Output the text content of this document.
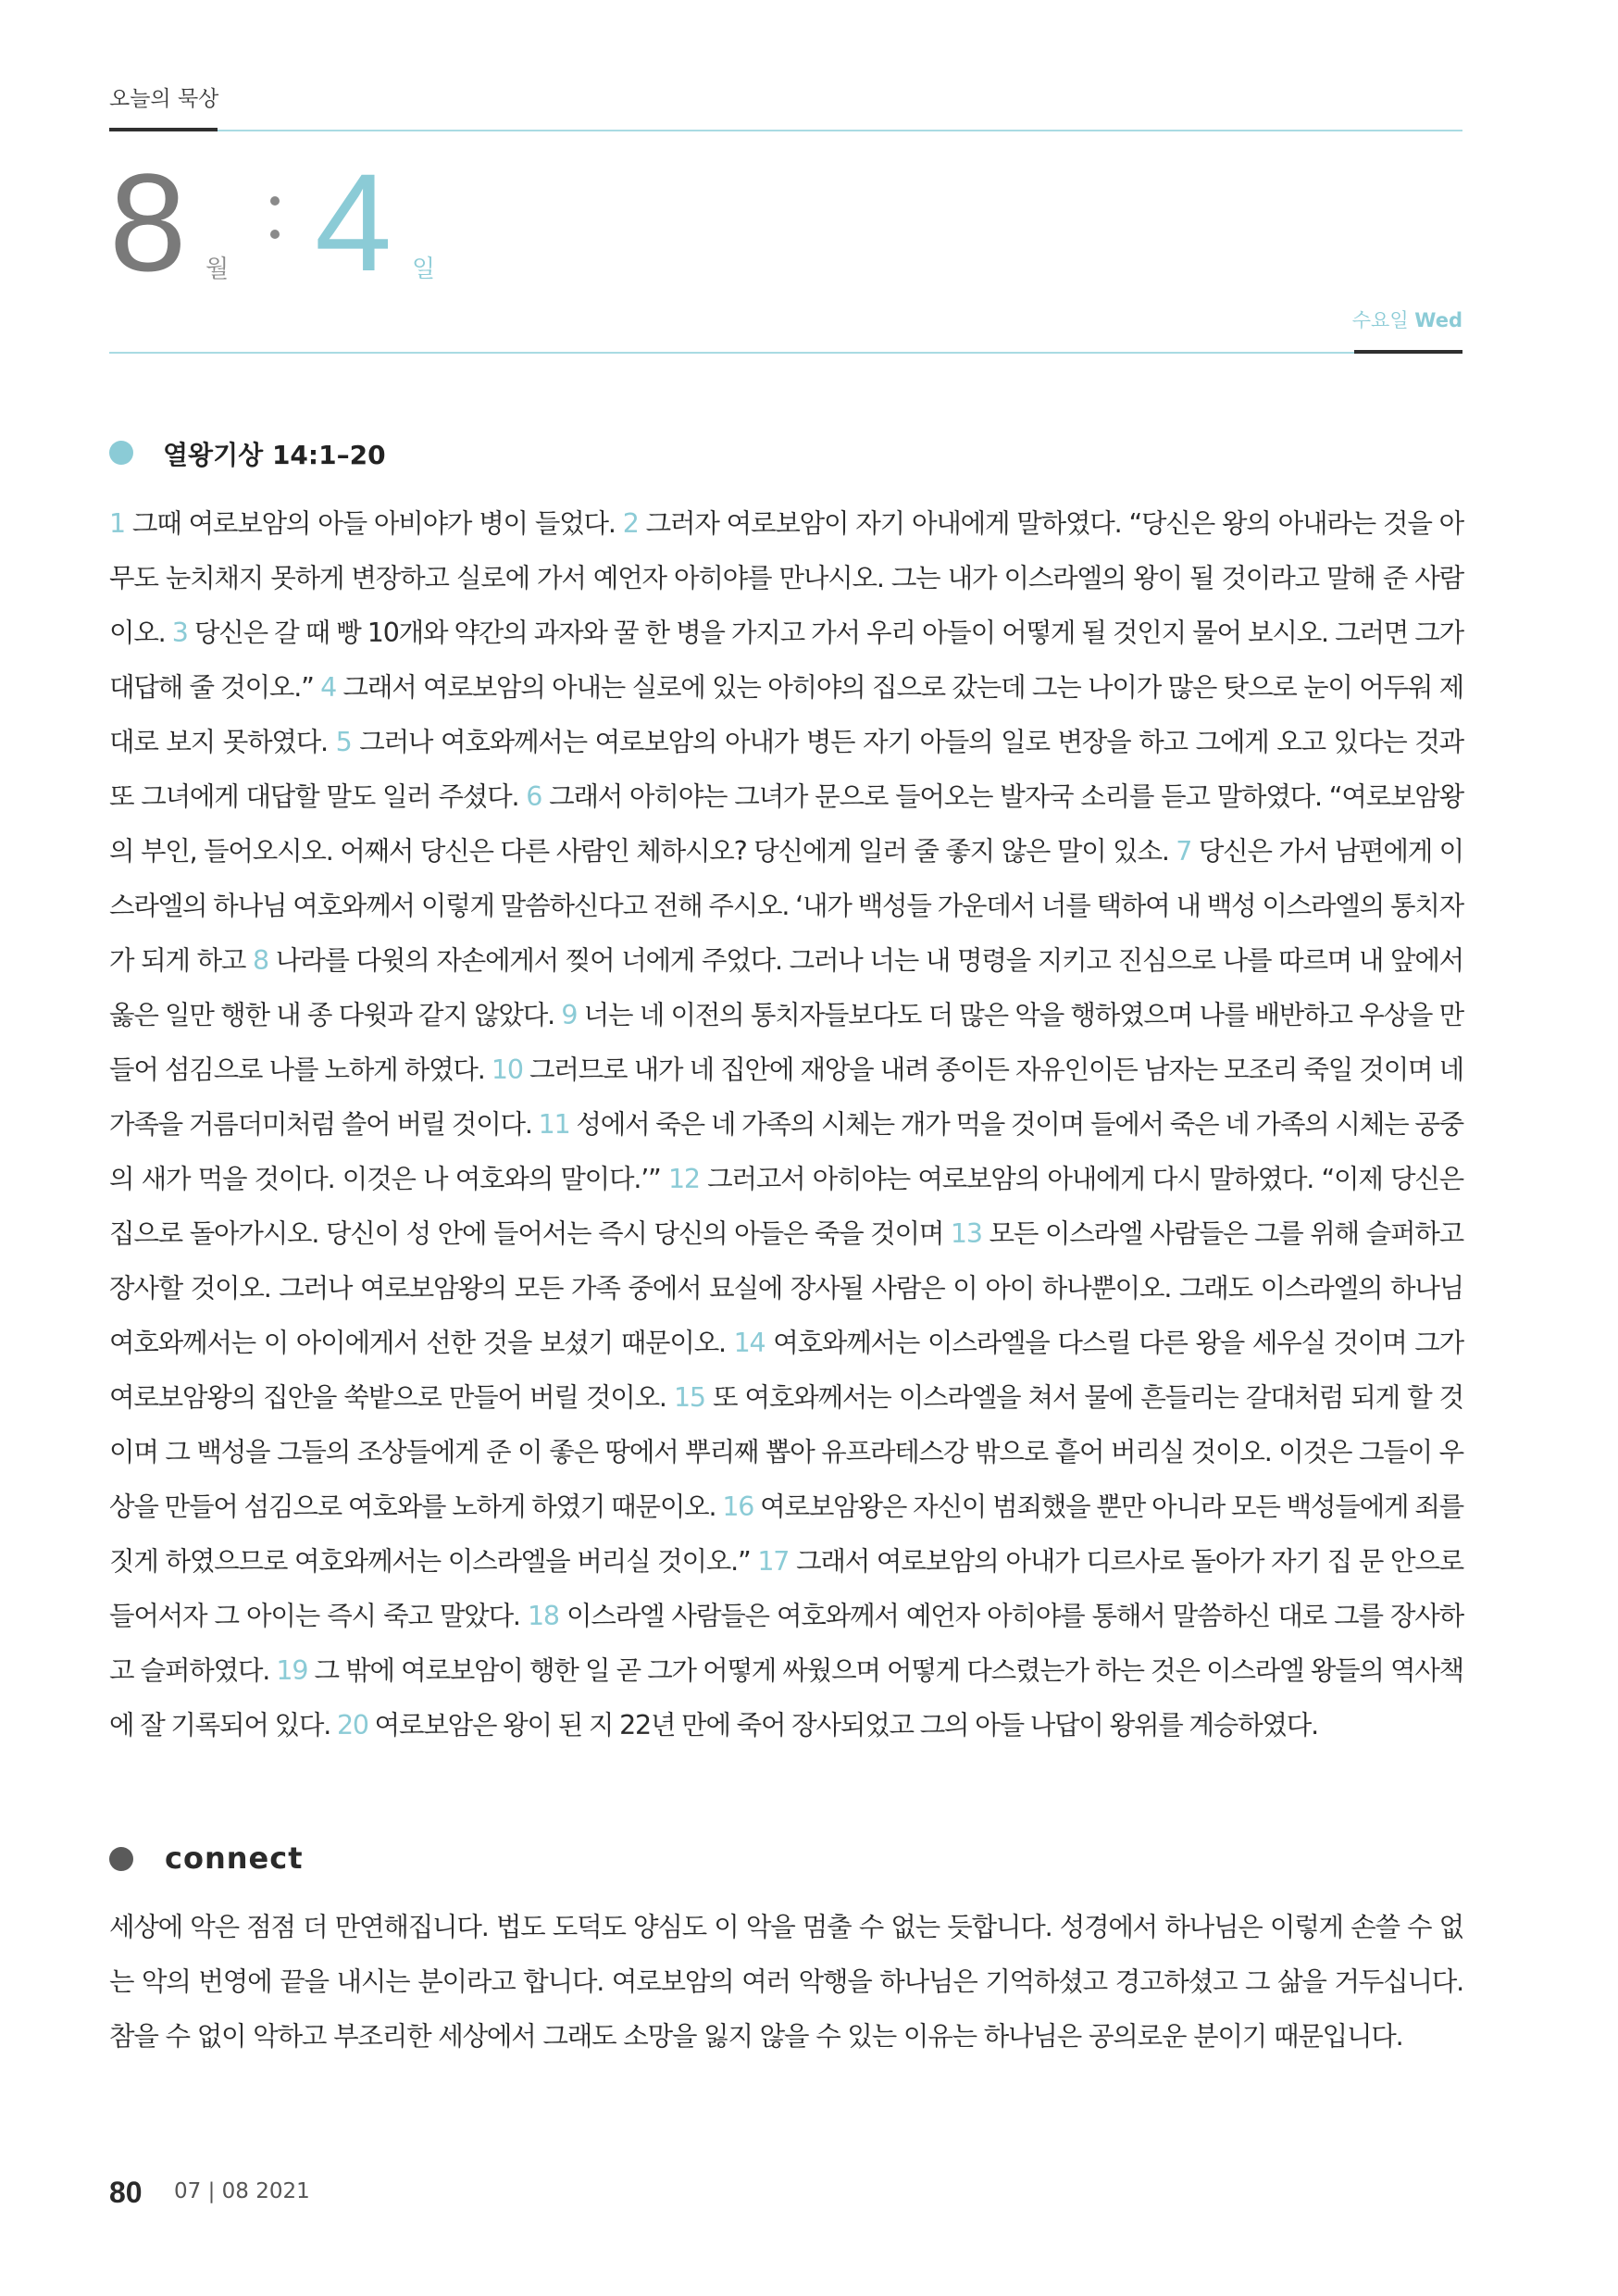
오늘의 묵상
8 월 4 일
수요일 Wed
열왕기상 14:1–20
1 그때 여로보암의 아들 아비야가 병이 들었다. 2 그러자 여로보암이 자기 아내에게 말하였다. “당신은 왕의 아내라는 것을 아무도 눈치채지 못하게 변장하고 실로에 가서 예언자 아히야를 만나시오. 그는 내가 이스라엘의 왕이 될 것이라고 말해 준 사람이오. 3 당신은 갈 때 빵 10개와 약간의 과자와 꿀 한 병을 가지고 가서 우리 아들이 어떻게 될 것인지 물어 보시오. 그러면 그가 대답해 줄 것이오.” 4 그래서 여로보암의 아내는 실로에 있는 아히야의 집으로 갔는데 그는 나이가 많은 탓으로 눈이 어두워 제대로 보지 못하였다. 5 그러나 여호와께서는 여로보암의 아내가 병든 자기 아들의 일로 변장을 하고 그에게 오고 있다는 것과 또 그녀에게 대답할 말도 일러 주셨다. 6 그래서 아히야는 그녀가 문으로 들어오는 발자국 소리를 듣고 말하였다. “여로보암왕의 부인, 들어오시오. 어째서 당신은 다른 사람인 체하시오? 당신에게 일러 줄 좋지 않은 말이 있소. 7 당신은 가서 남편에게 이스라엘의 하나님 여호와께서 이렇게 말씀하신다고 전해 주시오. ‘내가 백성들 가운데서 너를 택하여 내 백성 이스라엘의 통치자가 되게 하고 8 나라를 다윗의 자손에게서 찢어 너에게 주었다. 그러나 너는 내 명령을 지키고 진심으로 나를 따르며 내 앞에서 옳은 일만 행한 내 종 다윗과 같지 않았다. 9 너는 네 이전의 통치자들보다도 더 많은 악을 행하였으며 나를 배반하고 우상을 만들어 섬김으로 나를 노하게 하였다. 10 그러므로 내가 네 집안에 재앙을 내려 종이든 자유인이든 남자는 모조리 죽일 것이며 네 가족을 거름더미처럼 쓸어 버릴 것이다. 11 성에서 죽은 네 가족의 시체는 개가 먹을 것이며 들에서 죽은 네 가족의 시체는 공중의 새가 먹을 것이다. 이것은 나 여호와의 말이다.’” 12 그러고서 아히야는 여로보암의 아내에게 다시 말하였다. “이제 당신은 집으로 돌아가시오. 당신이 성 안에 들어서는 즉시 당신의 아들은 죽을 것이며 13 모든 이스라엘 사람들은 그를 위해 슬퍼하고 장사할 것이오. 그러나 여로보암왕의 모든 가족 중에서 묘실에 장사될 사람은 이 아이 하나뿐이오. 그래도 이스라엘의 하나님 여호와께서는 이 아이에게서 선한 것을 보셨기 때문이오. 14 여호와께서는 이스라엘을 다스릴 다른 왕을 세우실 것이며 그가 여로보암왕의 집안을 쑥밭으로 만들어 버릴 것이오. 15 또 여호와께서는 이스라엘을 쳐서 물에 흔들리는 갈대처럼 되게 할 것이며 그 백성을 그들의 조상들에게 준 이 좋은 땅에서 뿌리째 뽑아 유프라테스강 밖으로 흩어 버리실 것이오. 이것은 그들이 우상을 만들어 섬김으로 여호와를 노하게 하였기 때문이오. 16 여로보암왕은 자신이 범죄했을 뿐만 아니라 모든 백성들에게 죄를 짓게 하였으므로 여호와께서는 이스라엘을 버리실 것이오.” 17 그래서 여로보암의 아내가 디르사로 돌아가 자기 집 문 안으로 들어서자 그 아이는 즉시 죽고 말았다. 18 이스라엘 사람들은 여호와께서 예언자 아히야를 통해서 말씀하신 대로 그를 장사하고 슬퍼하였다. 19 그 밖에 여로보암이 행한 일 곧 그가 어떻게 싸웠으며 어떻게 다스렸는가 하는 것은 이스라엘 왕들의 역사책에 잘 기록되어 있다. 20 여로보암은 왕이 된 지 22년 만에 죽어 장사되었고 그의 아들 나답이 왕위를 계승하였다.
connect
세상에 악은 점점 더 만연해집니다. 법도 도덕도 양심도 이 악을 멈출 수 없는 듯합니다. 성경에서 하나님은 이렇게 손쓸 수 없는 악의 번영에 끝을 내시는 분이라고 합니다. 여로보암의 여러 악행을 하나님은 기억하셨고 경고하셨고 그 삶을 거두십니다. 참을 수 없이 악하고 부조리한 세상에서 그래도 소망을 잃지 않을 수 있는 이유는 하나님은 공의로운 분이기 때문입니다.
80 07 | 08 2021
